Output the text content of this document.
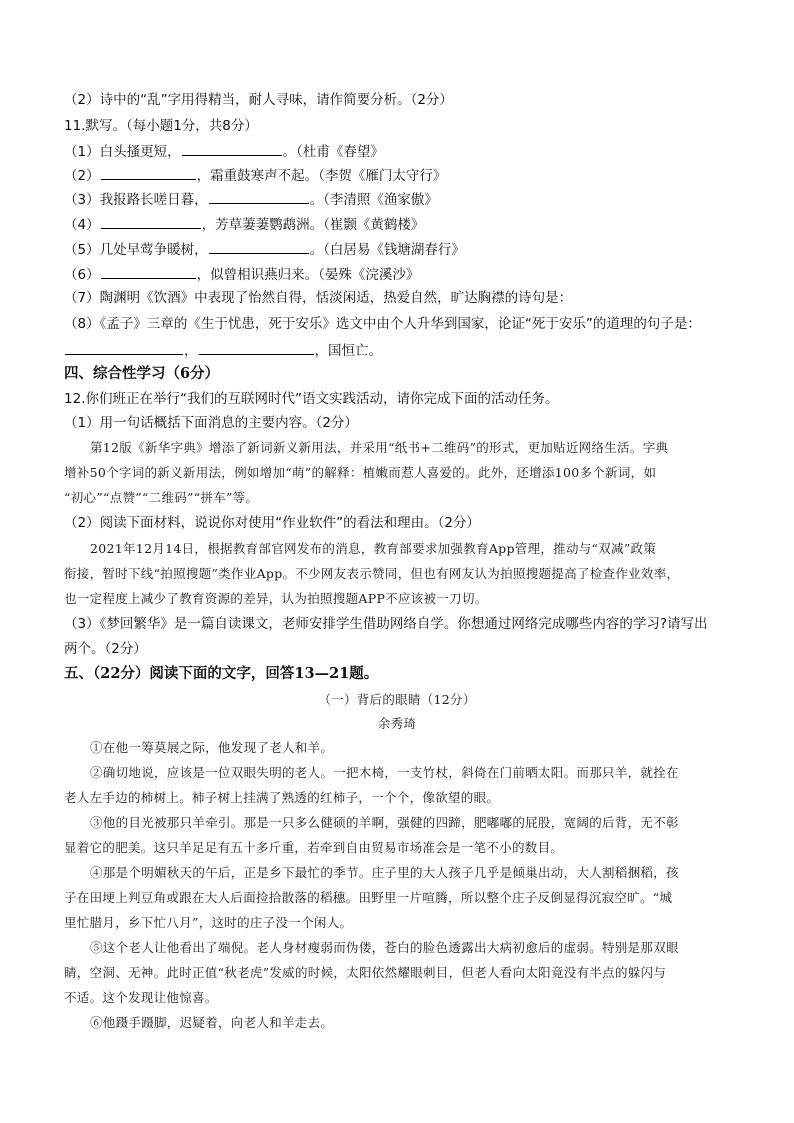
（2）诗中的“乱”字用得精当，耐人寻味，请作简要分析。（2分）
11.默写。（每小题1分，共8分）
（1）白头搔更短，	。（杜甫《春望》
（2）	，霜重鼓寒声不起。（李贺《雁门太守行》
（3）我报路长嗟日暮，	。（李清照《渔家傲》
（4）	，芳草萋萋鹦鹉洲。（崔颢《黄鹤楼》
（5）几处早莺争暖树，	。（白居易《钱塘湖春行》
（6）	，似曾相识燕归来。（晏殊《浣溪沙》
（7）陶渊明《饮酒》中表现了怡然自得，恬淡闲适，热爱自然，旷达胸襟的诗句是：
（8）《孟子》三章的《生于忧患，死于安乐》选文中由个人升华到国家，论证“死于安乐”的道理的句子是：
，	，国恒亡。
四、综合性学习（6分）
12.你们班正在举行“我们的互联网时代”语文实践活动，请你完成下面的活动任务。
（1）用一句话概括下面消息的主要内容。（2分）
第12版《新华字典》增添了新词新义新用法，并采用“纸书+二维码”的形式，更加贴近网络生活。字典
增补50个字词的新义新用法，例如增加“萌”的解释：植嫩而惹人喜爱的。此外，还增添100多个新词，如
“初心”“点赞”“二维码”“拼车”等。
（2）阅读下面材料，说说你对使用“作业软件”的看法和理由。（2分）
2021年12月14日，根据教育部官网发布的消息，教育部要求加强教育App管理，推动与“双减”政策
衔接，暂时下线“拍照搜题”类作业App。不少网友表示赞同，但也有网友认为拍照搜题提高了检查作业效率，
也一定程度上减少了教育资源的差异，认为拍照搜题APP不应该被一刀切。
（3）《梦回繁华》是一篇自读课文，老师安排学生借助网络自学。你想通过网络完成哪些内容的学习?请写出
两个。（2分）
五、（22分）阅读下面的文字，回答13—21题。
（一）背后的眼睛（12分）
余秀琦
①在他一筹莫展之际，他发现了老人和羊。
②确切地说，应该是一位双眼失明的老人。一把木椅，一支竹杖，斜倚在门前晒太阳。而那只羊，就拴在
老人左手边的柿树上。柿子树上挂满了熟透的红柿子，一个个，像欲望的眼。
③他的目光被那只羊牵引。那是一只多么健硕的羊啊，强健的四蹄，肥嘟嘟的屁股，宽阔的后背，无不彰
显着它的肥美。这只羊足足有五十多斤重，若牵到自由贸易市场准会是一笔不小的数目。
④那是个明媚秋天的午后，正是乡下最忙的季节。庄子里的大人孩子几乎是倾巢出动，大人割稻捆稻，孩
子在田埂上判豆角或跟在大人后面捡拾散落的稻穗。田野里一片喧腾，所以整个庄子反倒显得沉寂空旷。“城
里忙腊月，乡下忙八月”，这时的庄子没一个闲人。
⑤这个老人让他看出了端倪。老人身材瘦弱而伪偻，苍白的脸色透露出大病初愈后的虚弱。特别是那双眼
睛，空洞、无神。此时正值“秋老虎”发威的时候，太阳依然耀眼刺目，但老人看向太阳竟没有半点的躲闪与
不适。这个发现让他惊喜。
⑥他蹑手蹑脚，迟疑着，向老人和羊走去。
